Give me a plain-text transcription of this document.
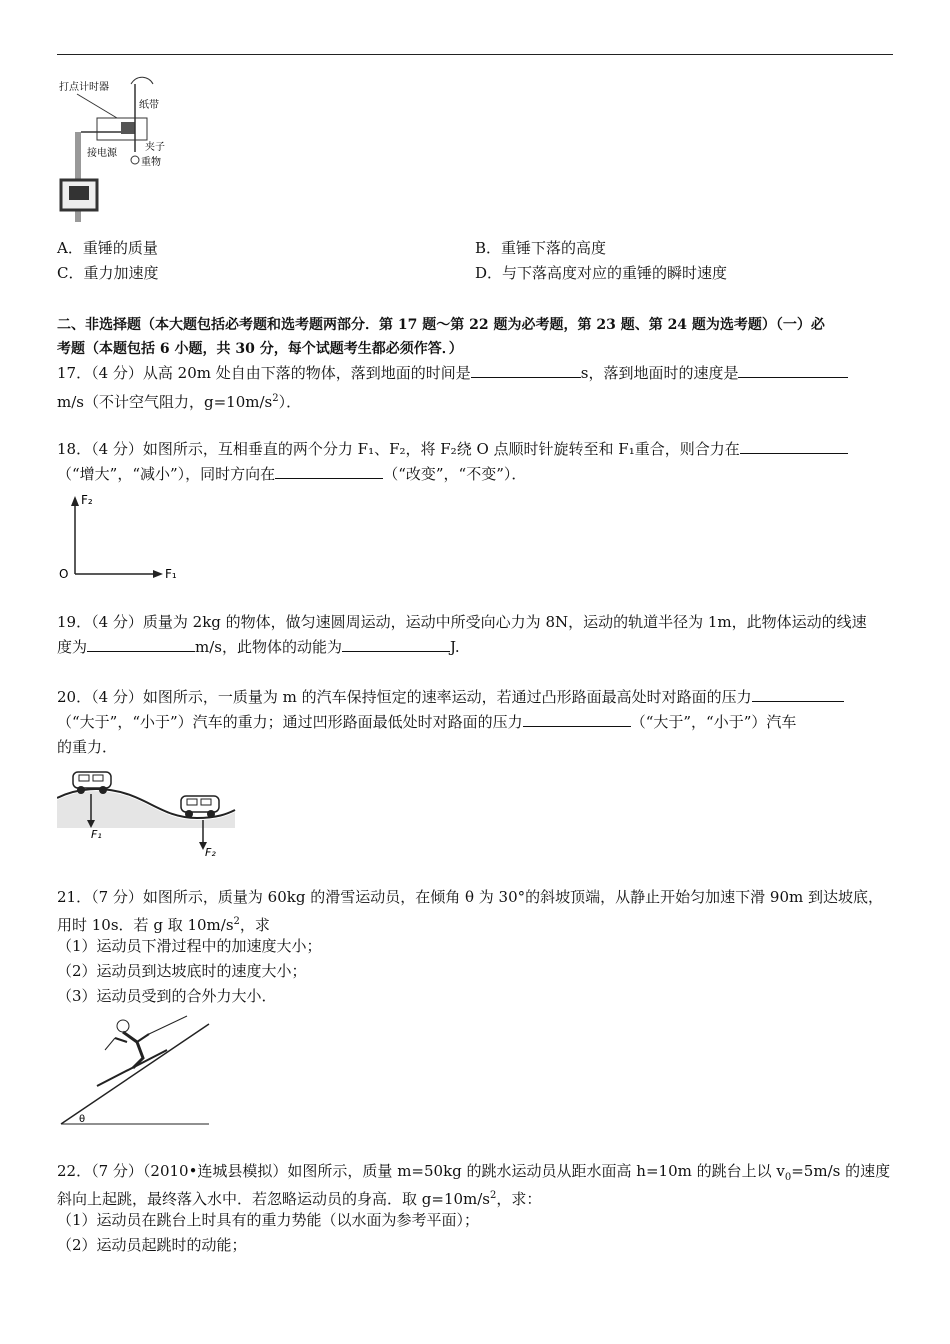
打点计时器
纸带
接电源
夹子
重物
A．重锤的质量	B．重锤下落的高度
C．重力加速度	D．与下落高度对应的重锤的瞬时速度
二、非选择题（本大题包括必考题和选考题两部分．第 17 题～第 22 题为必考题，第 23 题、第 24 题为选考题）（一）必
考题（本题包括 6 小题，共 30 分，每个试题考生都必须作答．）
17．（4 分）从高 20m 处自由下落的物体，落到地面的时间是	s，落到地面时的速度是
m/s（不计空气阻力，$g=10m/s^2$）．
18．（4 分）如图所示，互相垂直的两个分力 F₁、F₂，将 F₂绕 O 点顺时针旋转至和 F₁重合，则合力在
（“增大”，“减小”），同时方向在	（“改变”，“不变”）．
F₂
F₁
O
19．（4 分）质量为 2kg 的物体，做匀速圆周运动，运动中所受向心力为 8N，运动的轨道半径为 1m，此物体运动的线速
度为	m/s，此物体的动能为	J.
20．（4 分）如图所示，一质量为 m 的汽车保持恒定的速率运动，若通过凸形路面最高处时对路面的压力
（“大于”，“小于”）汽车的重力；通过凹形路面最低处时对路面的压力	（“大于”，“小于”）汽车
的重力．
F₁
F₂
21．（7 分）如图所示，质量为 60kg 的滑雪运动员，在倾角 θ 为 30°的斜坡顶端，从静止开始匀加速下滑 90m 到达坡底，
用时 10s．若 g 取 $10m/s^2$，求
（1）运动员下滑过程中的加速度大小；
（2）运动员到达坡底时的速度大小；
（3）运动员受到的合外力大小．
θ
22．（7 分）（2010•连城县模拟）如图所示，质量 m=50kg 的跳水运动员从距水面高 h=10m 的跳台上以 $v_0=5m/s$ 的速度
斜向上起跳，最终落入水中．若忽略运动员的身高．取 $g=10m/s^2$，求：
（1）运动员在跳台上时具有的重力势能（以水面为参考平面）；
（2）运动员起跳时的动能；
